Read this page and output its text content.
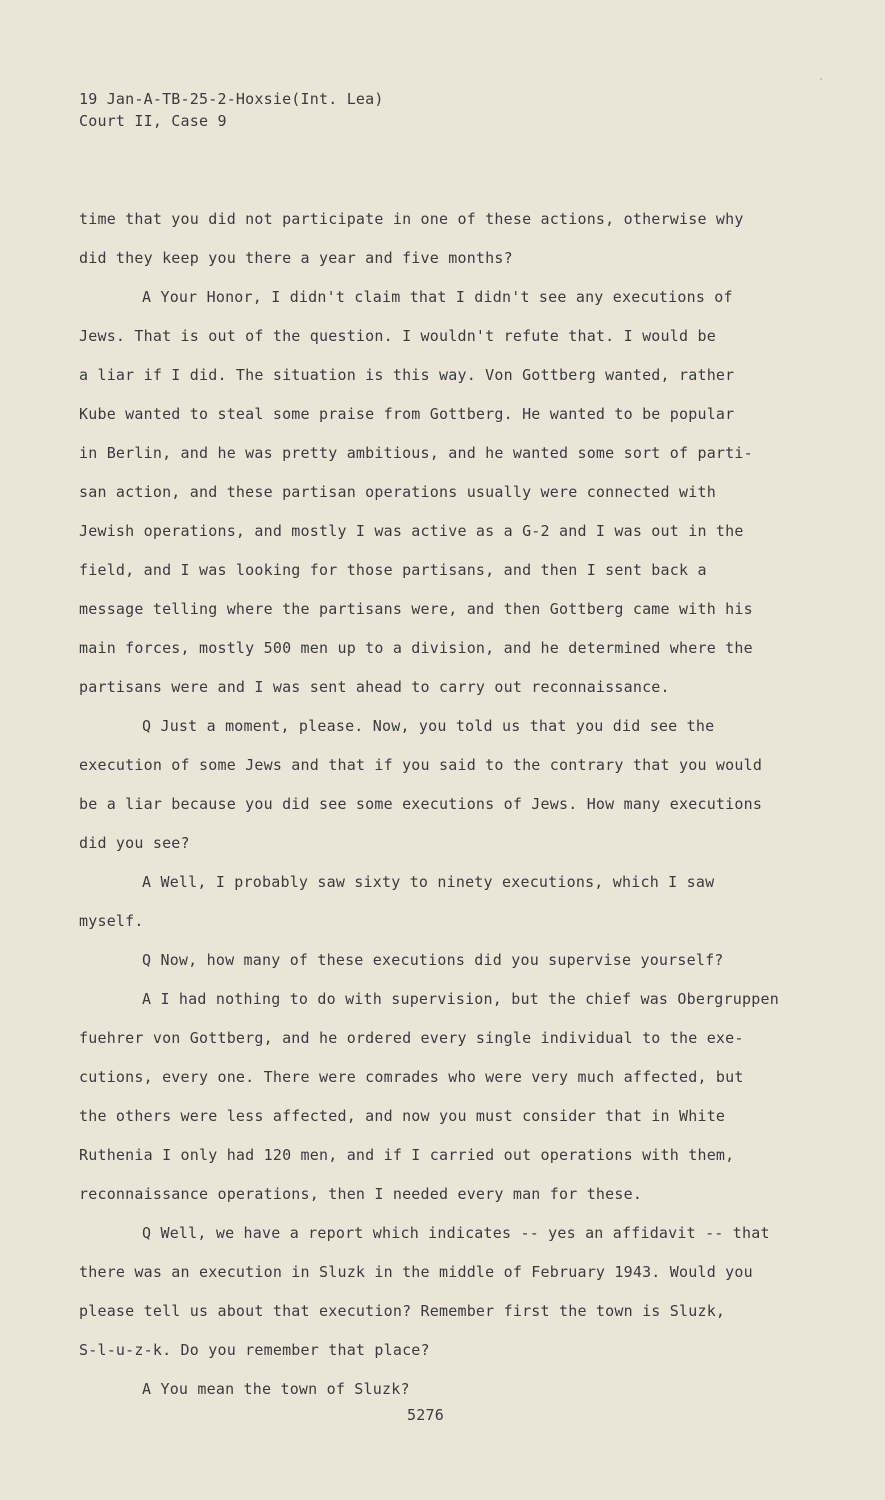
19 Jan-A-TB-25-2-Hoxsie(Int. Lea)
Court II, Case 9
time that you did not participate in one of these actions, otherwise why
did they keep you there a year and five months?
A Your Honor, I didn't claim that I didn't see any executions of
Jews. That is out of the question. I wouldn't refute that. I would be
a liar if I did. The situation is this way. Von Gottberg wanted, rather
Kube wanted to steal some praise from Gottberg. He wanted to be popular
in Berlin, and he was pretty ambitious, and he wanted some sort of parti-
san action, and these partisan operations usually were connected with
Jewish operations, and mostly I was active as a G-2 and I was out in the
field, and I was looking for those partisans, and then I sent back a
message telling where the partisans were, and then Gottberg came with his
main forces, mostly 500 men up to a division, and he determined where the
partisans were and I was sent ahead to carry out reconnaissance.
Q Just a moment, please. Now, you told us that you did see the
execution of some Jews and that if you said to the contrary that you would
be a liar because you did see some executions of Jews. How many executions
did you see?
A Well, I probably saw sixty to ninety executions, which I saw
myself.
Q Now, how many of these executions did you supervise yourself?
A I had nothing to do with supervision, but the chief was Obergruppen
fuehrer von Gottberg, and he ordered every single individual to the exe-
cutions, every one. There were comrades who were very much affected, but
the others were less affected, and now you must consider that in White
Ruthenia I only had 120 men, and if I carried out operations with them,
reconnaissance operations, then I needed every man for these.
Q Well, we have a report which indicates -- yes an affidavit -- that
there was an execution in Sluzk in the middle of February 1943. Would you
please tell us about that execution? Remember first the town is Sluzk,
S-l-u-z-k. Do you remember that place?
A You mean the town of Sluzk?
5276
